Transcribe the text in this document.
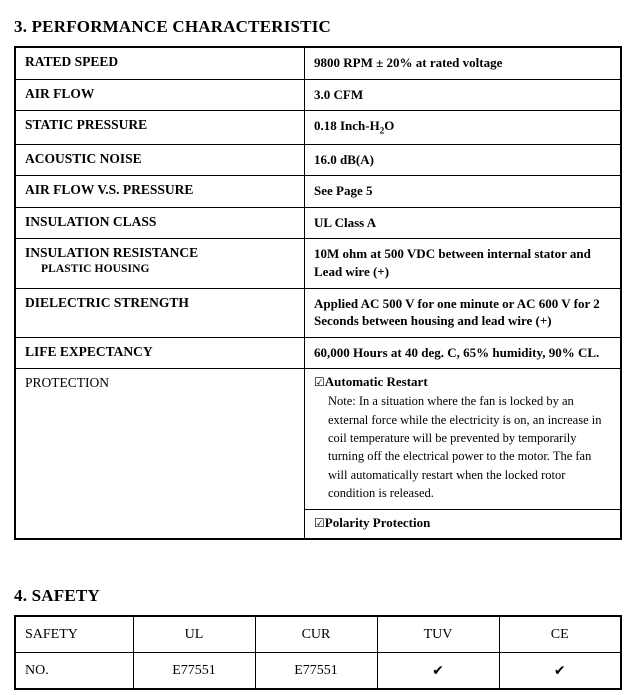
3. PERFORMANCE CHARACTERISTIC
RATED SPEED	9800 RPM ± 20% at rated voltage
AIR FLOW	3.0 CFM
STATIC PRESSURE	0.18 Inch-$H_2O$
ACOUSTIC NOISE	16.0 dB(A)
AIR FLOW V.S. PRESSURE	See Page 5
INSULATION CLASS	UL Class A
INSULATION RESISTANCE
PLASTIC HOUSING
	10M ohm at 500 VDC between internal stator and Lead wire (+)
DIELECTRIC STRENGTH	Applied AC 500 V for one minute or AC 600 V for 2 Seconds between housing and lead wire (+)
LIFE EXPECTANCY	60,000 Hours at 40 deg. C, 65% humidity, 90% CL.
PROTECTION		☑Automatic Restart
Note: In a situation where the fan is locked by an external force while the electricity is on, an increase in coil temperature will be prevented by temporarily turning off the electrical power to the motor. The fan will automatically restart when the locked rotor condition is released.

☑Polarity Protection
4. SAFETY
SAFETY	UL	CUR	TUV	CE
NO.	E77551	E77551	✔	✔
